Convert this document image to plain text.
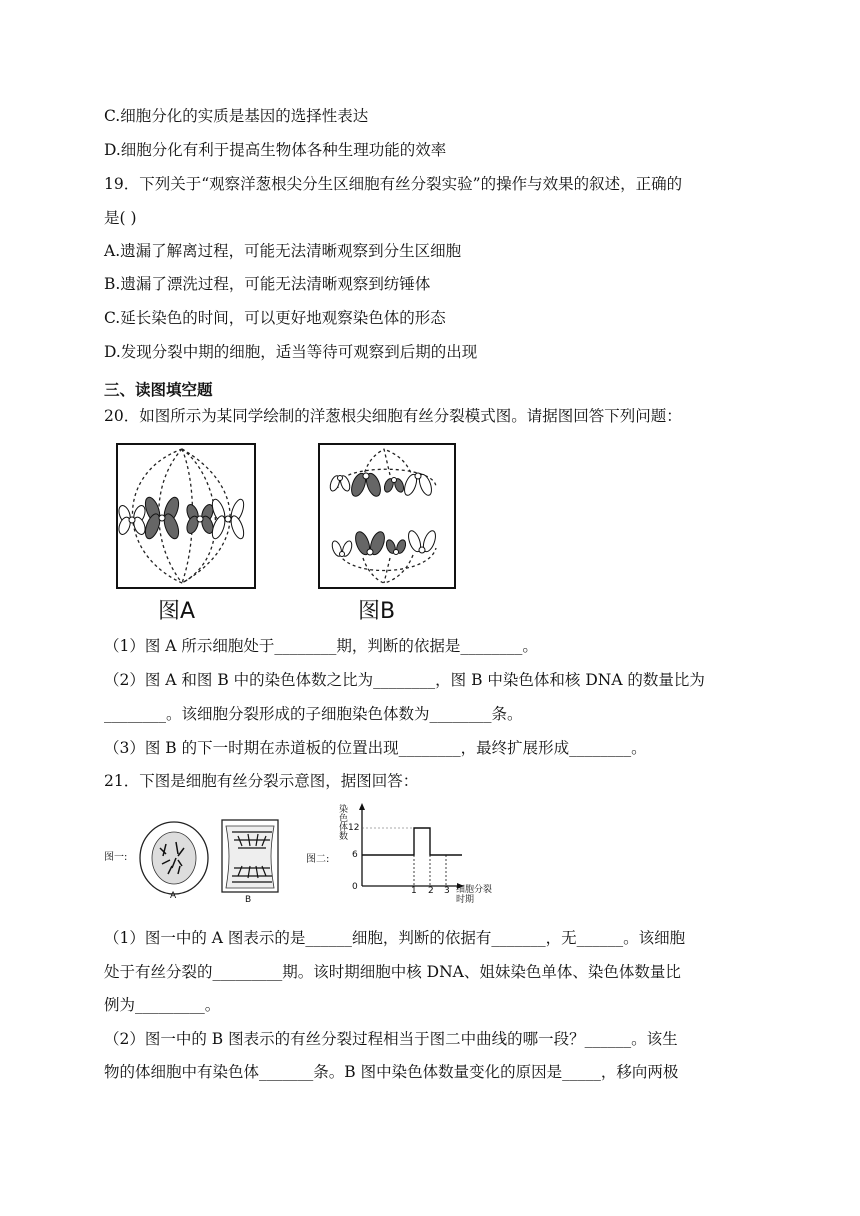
C.细胞分化的实质是基因的选择性表达
D.细胞分化有利于提高生物体各种生理功能的效率
19．下列关于“观察洋葱根尖分生区细胞有丝分裂实验”的操作与效果的叙述，正确的
是( )
A.遗漏了解离过程，可能无法清晰观察到分生区细胞
B.遗漏了漂洗过程，可能无法清晰观察到纺锤体
C.延长染色的时间，可以更好地观察染色体的形态
D.发现分裂中期的细胞，适当等待可观察到后期的出现
三、读图填空题
20．如图所示为某同学绘制的洋葱根尖细胞有丝分裂模式图。请据图回答下列问题：
图A	图B
（1）图 A 所示细胞处于________期，判断的依据是________。
（2）图 A 和图 B 中的染色体数之比为________，图 B 中染色体和核 DNA 的数量比为
________。该细胞分裂形成的子细胞染色体数为________条。
（3）图 B 的下一时期在赤道板的位置出现________，最终扩展形成________。
21．下图是细胞有丝分裂示意图，据图回答：
图一:
A	B
图二:
染
色
体
数
12
6
0	1 2 3 细胞分裂
时期
（1）图一中的 A 图表示的是______细胞，判断的依据有_______，无______。该细胞
处于有丝分裂的_________期。该时期细胞中核 DNA、姐妹染色单体、染色体数量比
例为_________。
（2）图一中的 B 图表示的有丝分裂过程相当于图二中曲线的哪一段？______。该生
物的体细胞中有染色体_______条。B 图中染色体数量变化的原因是_____，移向两极
